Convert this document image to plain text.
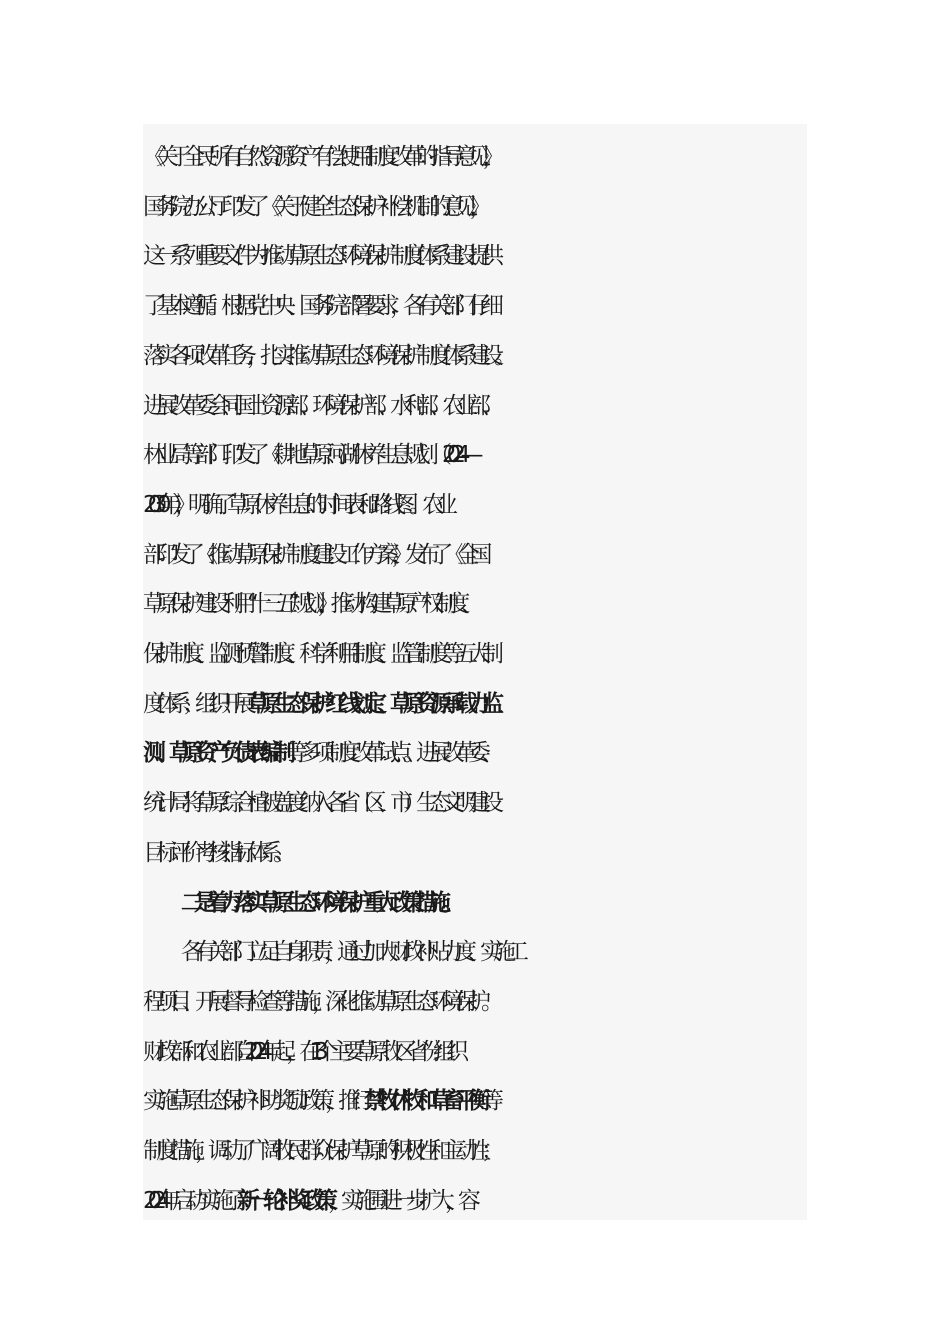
《关于全民所有自然资源资产有偿使用制度改革的指导意见》，
国务院办公厅印发了《关于健全生态保护补偿机制的意见》，
这一系列重要文件为推动草原生态环境保护制度体系建设提供
了基本遵循。根据党中央、国务院部署要求，各有关部门仔细
落实各项改革任务，扎实推动草原生态环境保护制度体系建设。
进展改革委会同国土资源部、环境保护部、水利部、农业部、
林业局等部门印发了《耕地草原河湖休养生息规划（2024—
2030 年）》，明确了草原休养生息的时间表和路线图。农业
部印发了《推动草原保护制度建设工作方案》，发布了《全国
草原保护建设利用“十三五”规划》，推动构建草原产权制度、
保护制度、监测预警制度、科学利用制度、监管制度等五大制
度体系；组织开展草原生态保护红线划定、草原资源承载力监
测、草原资产负债表编制等多项制度改革试点。进展改革委、
统计局将草原综合植被盖度纳入各省（区、市）生态文明建设
目标评价考核指标体系。
二是着力落实草原生态环境保护重大政策措施。
各有关部门立足自身职责，通过加大财政补贴力度、实施工
程项目、开展督导检查等措施，深化推动草原生态环境保护。
财政部和农业部自 2024 年起，在 13 个主要草原牧区省份组织
实施草原生态保护补助奖励政策，推行禁牧休牧和草畜平衡等
制度措施，调动了广阔牧民群众保护草原的积极性和主动性；
2024 年启动实施了新一轮补奖政策，实施围进一步扩大，容
